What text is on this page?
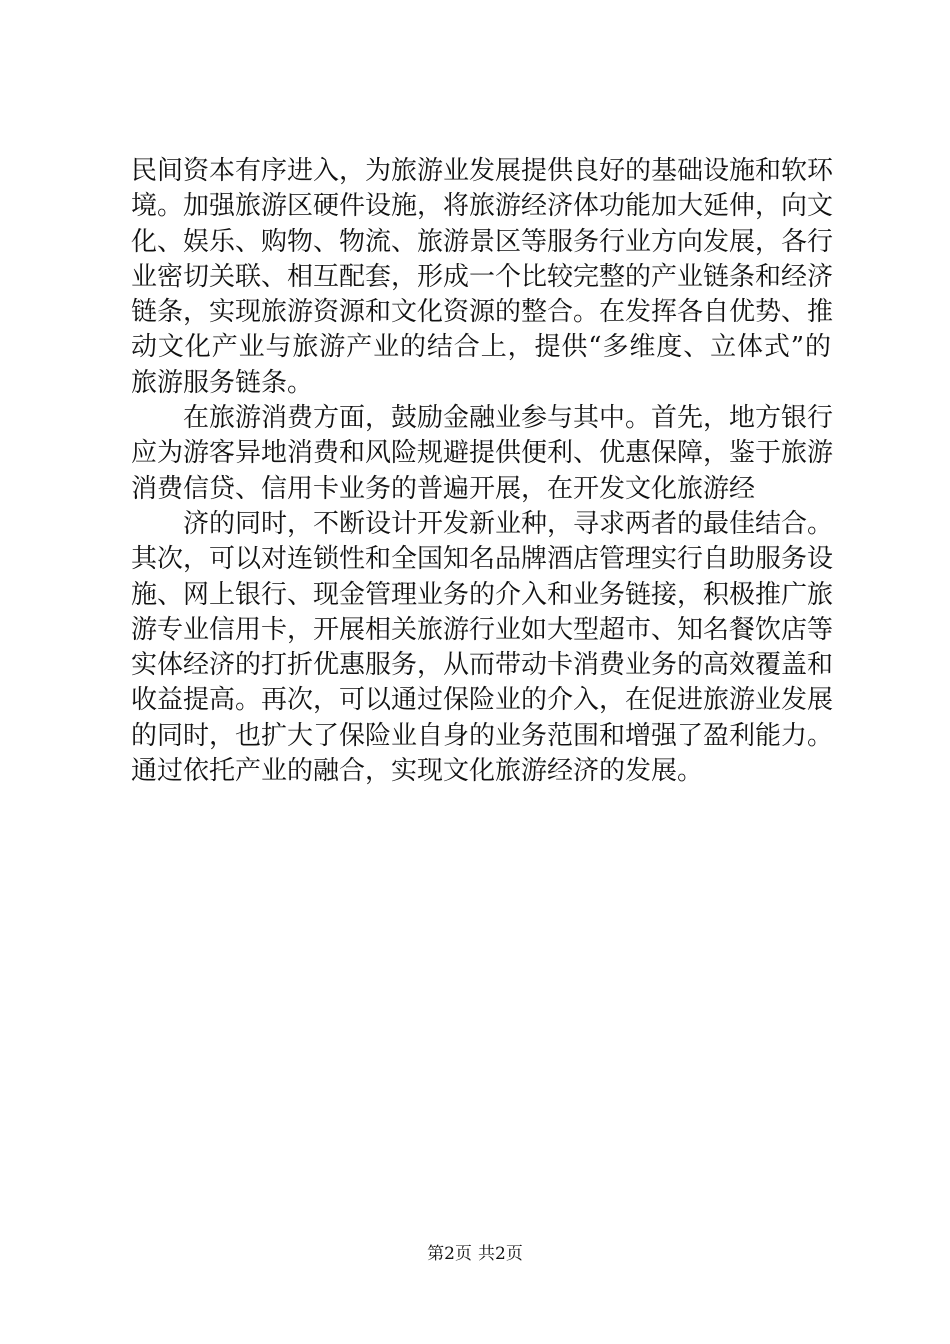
民间资本有序进入，为旅游业发展提供良好的基础设施和软环
境。加强旅游区硬件设施，将旅游经济体功能加大延伸，向文
化、娱乐、购物、物流、旅游景区等服务行业方向发展，各行
业密切关联、相互配套，形成一个比较完整的产业链条和经济
链条，实现旅游资源和文化资源的整合。在发挥各自优势、推
动文化产业与旅游产业的结合上，提供“多维度、立体式”的
旅游服务链条。
在旅游消费方面，鼓励金融业参与其中。首先，地方银行
应为游客异地消费和风险规避提供便利、优惠保障，鉴于旅游
消费信贷、信用卡业务的普遍开展，在开发文化旅游经
济的同时，不断设计开发新业种，寻求两者的最佳结合。
其次，可以对连锁性和全国知名品牌酒店管理实行自助服务设
施、网上银行、现金管理业务的介入和业务链接，积极推广旅
游专业信用卡，开展相关旅游行业如大型超市、知名餐饮店等
实体经济的打折优惠服务，从而带动卡消费业务的高效覆盖和
收益提高。再次，可以通过保险业的介入，在促进旅游业发展
的同时，也扩大了保险业自身的业务范围和增强了盈利能力。
通过依托产业的融合，实现文化旅游经济的发展。
第2页 共2页
